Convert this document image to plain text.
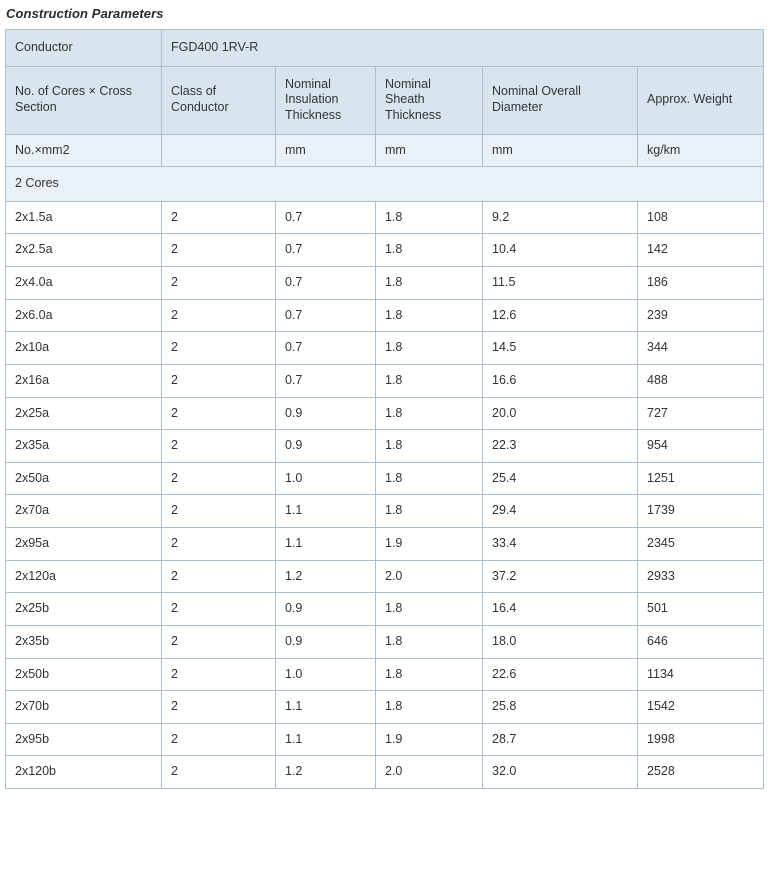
Construction Parameters
Conductor	FGD400 1RV-R				
No. of Cores × Cross Section	Class of Conductor	Nominal Insulation Thickness	Nominal Sheath Thickness	Nominal Overall Diameter	Approx. Weight
No.×mm2		mm	mm	mm	kg/km
2 Cores					
2x1.5a	2	0.7	1.8	9.2	108
2x2.5a	2	0.7	1.8	10.4	142
2x4.0a	2	0.7	1.8	11.5	186
2x6.0a	2	0.7	1.8	12.6	239
2x10a	2	0.7	1.8	14.5	344
2x16a	2	0.7	1.8	16.6	488
2x25a	2	0.9	1.8	20.0	727
2x35a	2	0.9	1.8	22.3	954
2x50a	2	1.0	1.8	25.4	1251
2x70a	2	1.1	1.8	29.4	1739
2x95a	2	1.1	1.9	33.4	2345
2x120a	2	1.2	2.0	37.2	2933
2x25b	2	0.9	1.8	16.4	501
2x35b	2	0.9	1.8	18.0	646
2x50b	2	1.0	1.8	22.6	1134
2x70b	2	1.1	1.8	25.8	1542
2x95b	2	1.1	1.9	28.7	1998
2x120b	2	1.2	2.0	32.0	2528
